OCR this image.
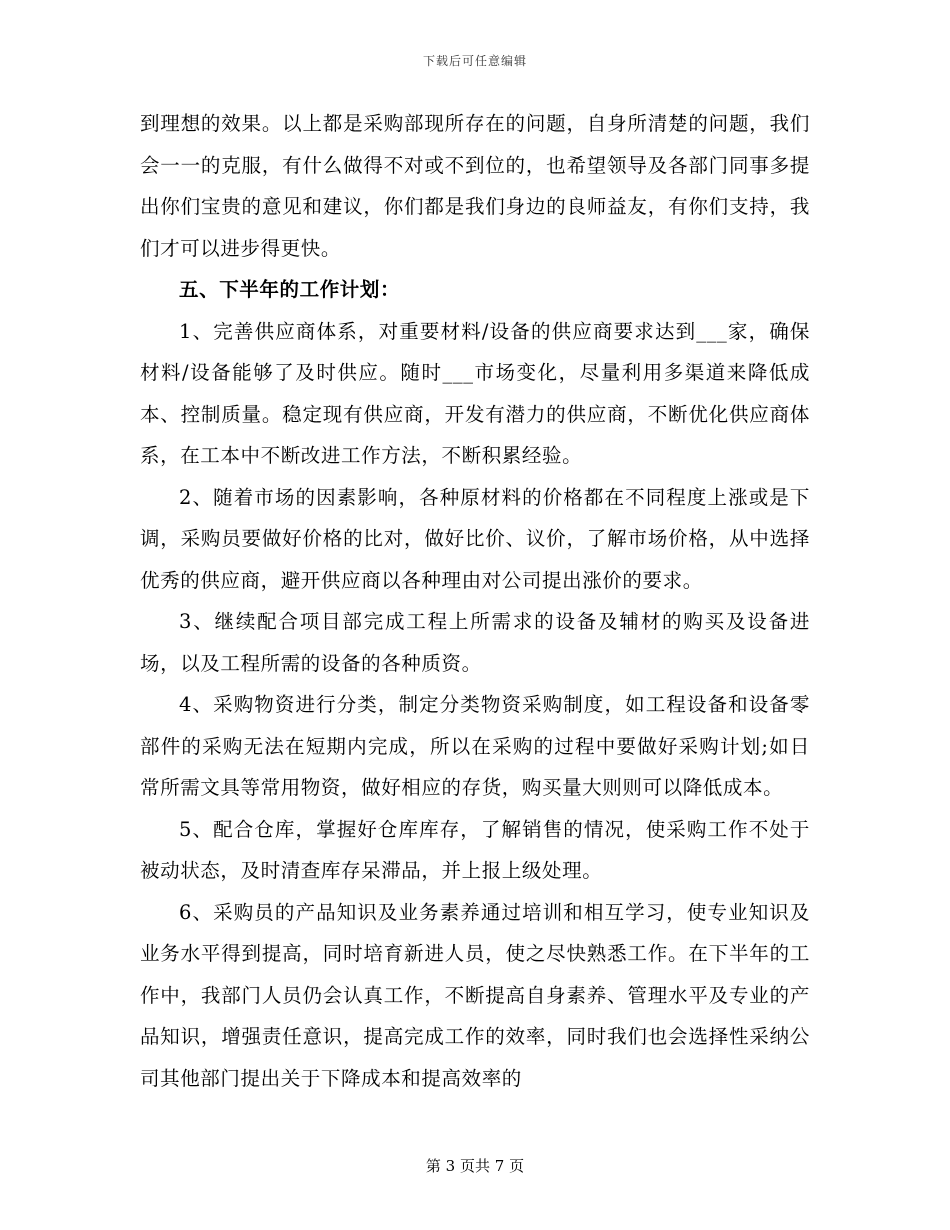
下载后可任意编辑

到理想的效果。以上都是采购部现所存在的问题，自身所清楚的问题，我们会一一的克服，有什么做得不对或不到位的，也希望领导及各部门同事多提出你们宝贵的意见和建议，你们都是我们身边的良师益友，有你们支持，我们才可以进步得更快。

五、下半年的工作计划：

1、完善供应商体系，对重要材料/设备的供应商要求达到___家，确保材料/设备能够了及时供应。随时___市场变化，尽量利用多渠道来降低成本、控制质量。稳定现有供应商，开发有潜力的供应商，不断优化供应商体系，在工本中不断改进工作方法，不断积累经验。

2、随着市场的因素影响，各种原材料的价格都在不同程度上涨或是下调，采购员要做好价格的比对，做好比价、议价，了解市场价格，从中选择优秀的供应商，避开供应商以各种理由对公司提出涨价的要求。

3、继续配合项目部完成工程上所需求的设备及辅材的购买及设备进场，以及工程所需的设备的各种质资。

4、采购物资进行分类，制定分类物资采购制度，如工程设备和设备零部件的采购无法在短期内完成，所以在采购的过程中要做好采购计划;如日常所需文具等常用物资，做好相应的存货，购买量大则则可以降低成本。

5、配合仓库，掌握好仓库库存，了解销售的情况，使采购工作不处于被动状态，及时清查库存呆滞品，并上报上级处理。

6、采购员的产品知识及业务素养通过培训和相互学习，使专业知识及业务水平得到提高，同时培育新进人员，使之尽快熟悉工作。在下半年的工作中，我部门人员仍会认真工作，不断提高自身素养、管理水平及专业的产品知识，增强责任意识，提高完成工作的效率，同时我们也会选择性采纳公司其他部门提出关于下降成本和提高效率的

第 3 页共 7 页
